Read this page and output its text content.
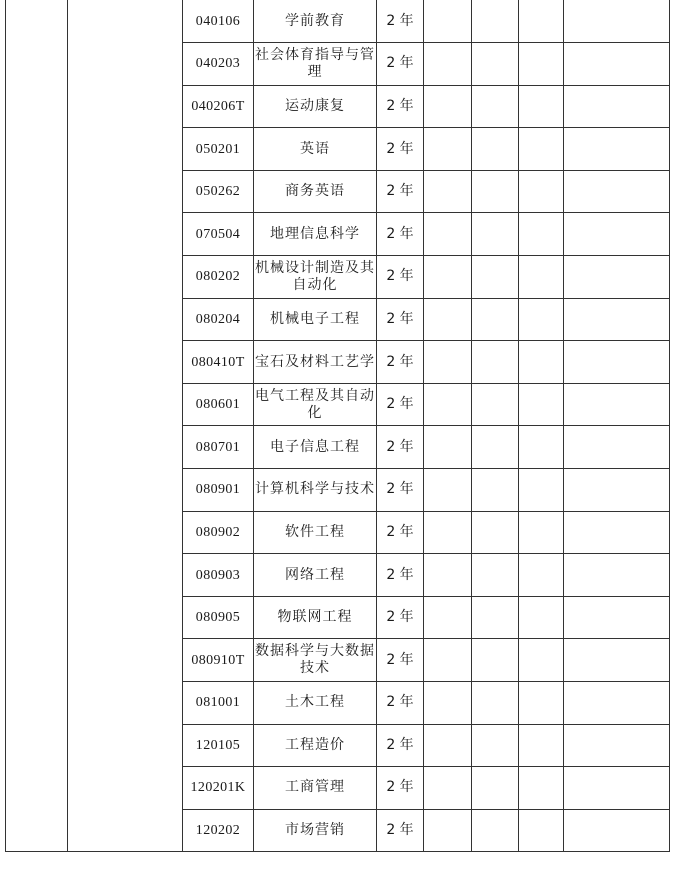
		040106	学前教育	2 年				
		040203	社会体育指导与管理	2 年				
		040206T	运动康复	2 年				
		050201	英语	2 年				
		050262	商务英语	2 年				
		070504	地理信息科学	2 年				
		080202	机械设计制造及其自动化	2 年				
		080204	机械电子工程	2 年				
		080410T	宝石及材料工艺学	2 年				
		080601	电气工程及其自动化	2 年				
		080701	电子信息工程	2 年				
		080901	计算机科学与技术	2 年				
		080902	软件工程	2 年				
		080903	网络工程	2 年				
		080905	物联网工程	2 年				
		080910T	数据科学与大数据技术	2 年				
		081001	土木工程	2 年				
		120105	工程造价	2 年				
		120201K	工商管理	2 年				
		120202	市场营销	2 年				
